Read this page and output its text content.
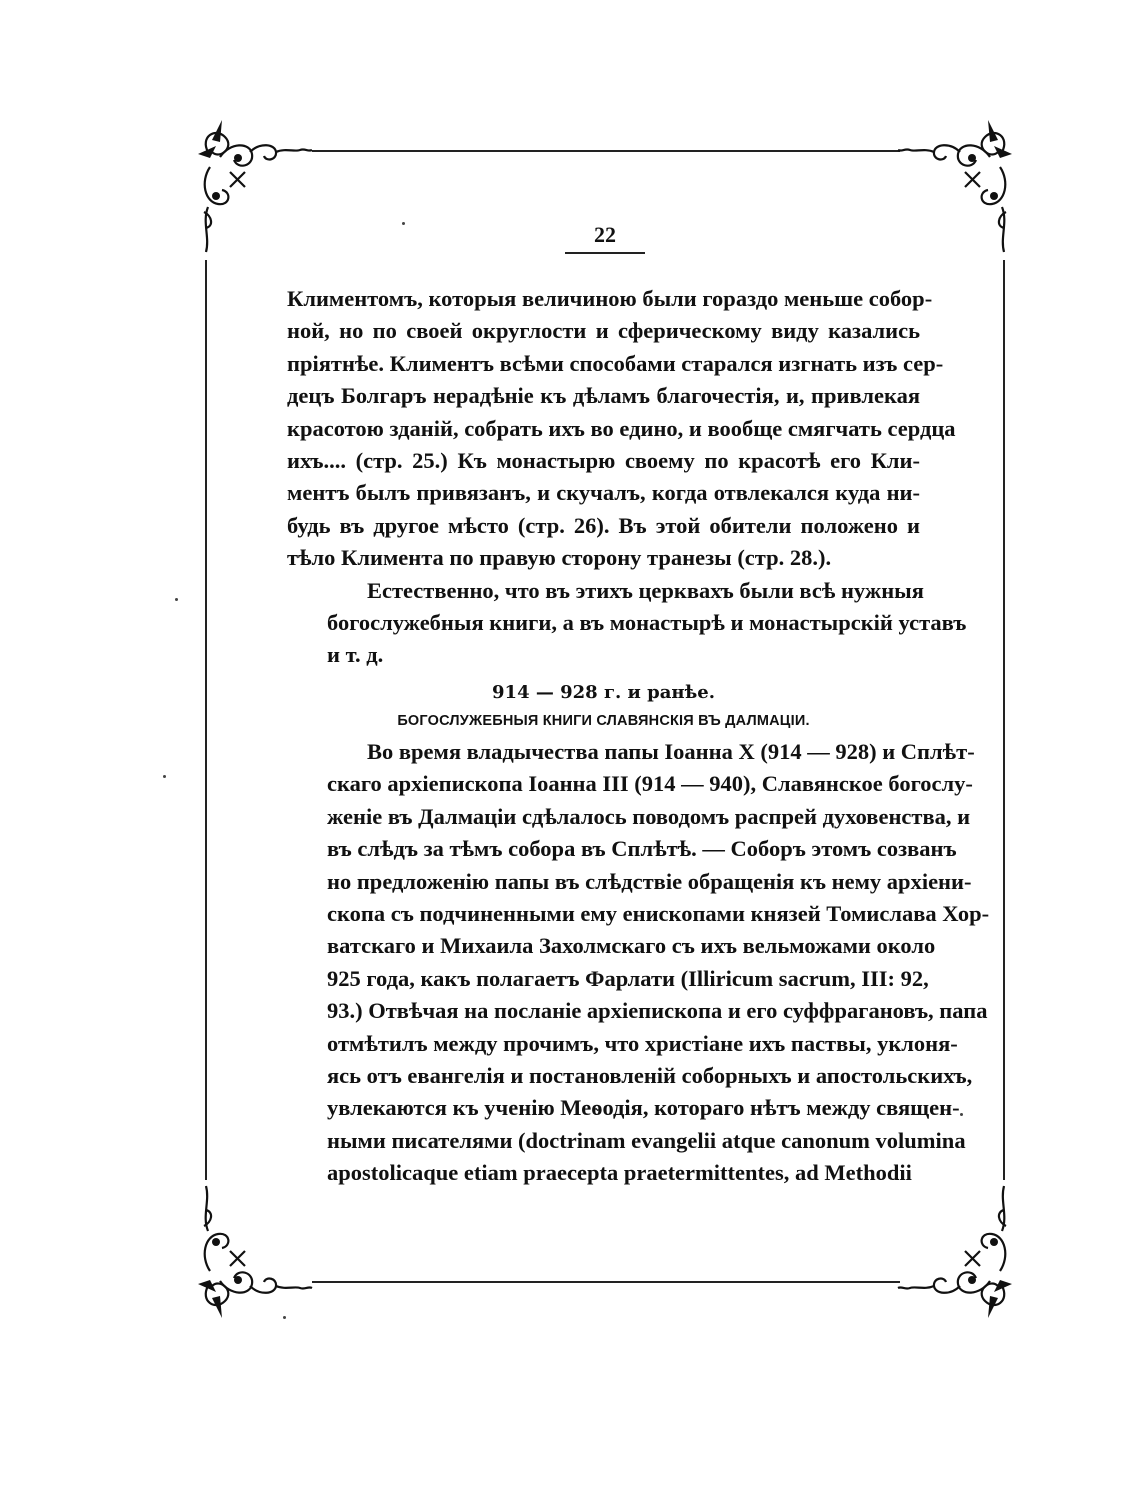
22

Климентомъ, которыя величиною были гораздо меньше собор-
ной, но по своей округлости и сферическому виду казались
пріятнѣе. Климентъ всѣми способами старался изгнать изъ сер-
децъ Болгаръ нерадѣніе къ дѣламъ благочестія, и, привлекая
красотою зданій, собрать ихъ во едино, и вообще смягчать сердца
ихъ.... (стр. 25.) Къ монастырю своему по красотѣ его Кли-
ментъ былъ привязанъ, и скучалъ, когда отвлекался куда ни-
будь въ другое мѣсто (стр. 26). Въ этой обители положено и
тѣло Климента по правую сторону транезы (стр. 28.).

Естественно, что въ этихъ церквахъ были всѣ нужныя
богослужебныя книги, а въ монастырѣ и монастырскій уставъ
и т. д.

914 — 928 г. и ранѣе.
БОГОСЛУЖЕБНЫЯ КНИГИ СЛАВЯНСКІЯ ВЪ ДАЛМАЦІИ.

Во время владычества папы Іоанна X (914 — 928) и Сплѣт-
скаго архіепископа Іоанна III (914 — 940), Славянское богослу-
женіе въ Далмаціи сдѣлалось поводомъ распрей духовенства, и
въ слѣдъ за тѣмъ собора въ Сплѣтѣ. — Соборъ этомъ созванъ
но предложенію папы въ слѣдствіе обращенія къ нему архіени-
скопа съ подчиненными ему енископами князей Томислава Хор-
ватскаго и Михаила Захолмскаго съ ихъ вельможами около
925 года, какъ полагаетъ Фарлати (Illiricum sacrum, III: 92,
93.) Отвѣчая на посланіе архіепископа и его суффрагановъ, папа
отмѣтилъ между прочимъ, что христіане ихъ паствы, уклоня-
ясь отъ евангелія и постановленій соборныхъ и апостольскихъ,
увлекаются къ ученію Меѳодія, котораго нѣтъ между священ-
ными писателями (doctrinam evangelii atque canonum volumina
apostolicaque etiam praecepta praetermittentes, ad Methodii
